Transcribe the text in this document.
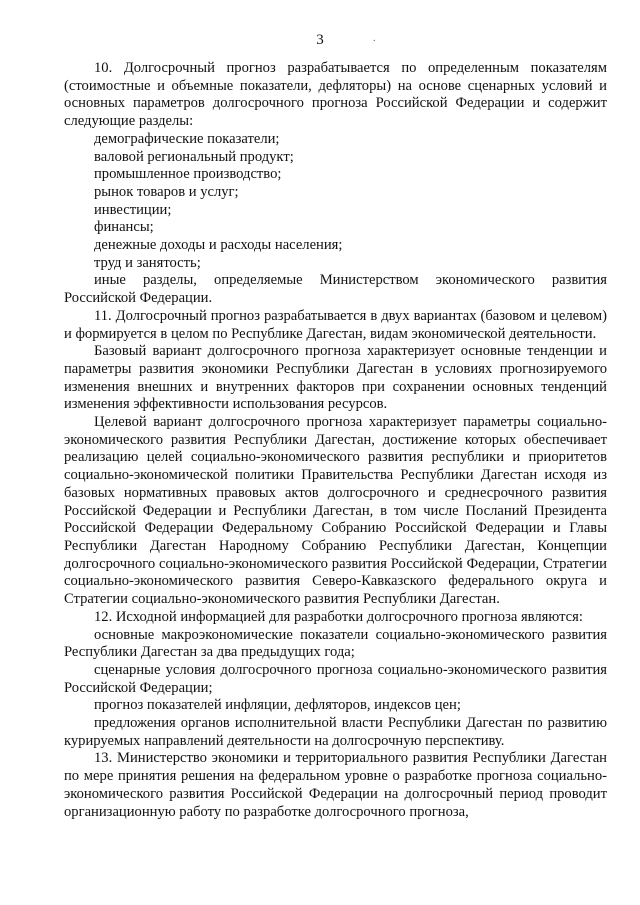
3	.

10. Долгосрочный прогноз разрабатывается по определенным показателям (стоимостные и объемные показатели, дефляторы) на основе сценарных условий и основных параметров долгосрочного прогноза Российской Федерации и содержит следующие разделы:

демографические показатели;

валовой региональный продукт;

промышленное производство;

рынок товаров и услуг;

инвестиции;

финансы;

денежные доходы и расходы населения;

труд и занятость;

иные разделы, определяемые Министерством экономического развития Российской Федерации.

11. Долгосрочный прогноз разрабатывается в двух вариантах (базовом и целевом) и формируется в целом по Республике Дагестан, видам экономической деятельности.

Базовый вариант долгосрочного прогноза характеризует основные тенденции и параметры развития экономики Республики Дагестан в условиях прогнозируемого изменения внешних и внутренних факторов при сохранении основных тенденций изменения эффективности использования ресурсов.

Целевой вариант долгосрочного прогноза характеризует параметры социально-экономического развития Республики Дагестан, достижение которых обеспечивает реализацию целей социально-экономического развития республики и приоритетов социально-экономической политики Правительства Республики Дагестан исходя из базовых нормативных правовых актов долгосрочного и среднесрочного развития Российской Федерации и Республики Дагестан, в том числе Посланий Президента Российской Федерации Федеральному Собранию Российской Федерации и Главы Республики Дагестан Народному Собранию Республики Дагестан, Концепции долгосрочного социально-экономического развития Российской Федерации, Стратегии социально-экономического развития Северо-Кавказского федерального округа и Стратегии социально-экономического развития Республики Дагестан.

12. Исходной информацией для разработки долгосрочного прогноза являются:

основные макроэкономические показатели социально-экономического развития Республики Дагестан за два предыдущих года;

сценарные условия долгосрочного прогноза социально-экономического развития Российской Федерации;

прогноз показателей инфляции, дефляторов, индексов цен;

предложения органов исполнительной власти Республики Дагестан по развитию курируемых направлений деятельности на долгосрочную перспективу.

13. Министерство экономики и территориального развития Республики Дагестан по мере принятия решения на федеральном уровне о разработке прогноза социально-экономического развития Российской Федерации на долгосрочный период проводит организационную работу по разработке долгосрочного прогноза,
